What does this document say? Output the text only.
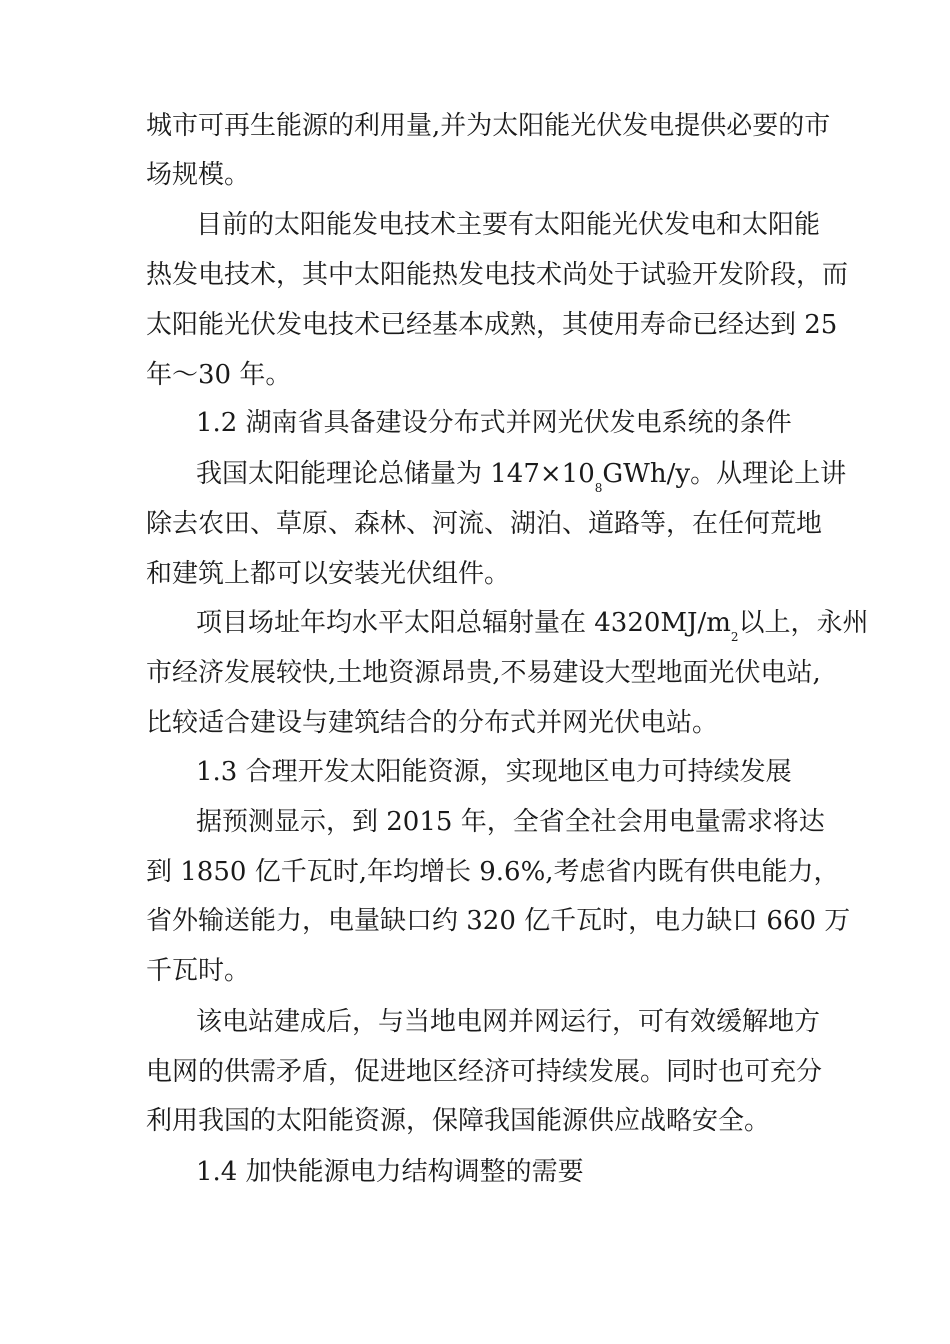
城市可再生能源的利用量,并为太阳能光伏发电提供必要的市
场规模。
目前的太阳能发电技术主要有太阳能光伏发电和太阳能
热发电技术，其中太阳能热发电技术尚处于试验开发阶段，而
太阳能光伏发电技术已经基本成熟，其使用寿命已经达到 25
年～30 年。
1.2 湖南省具备建设分布式并网光伏发电系统的条件
我国太阳能理论总储量为 $147\times 10^8GWh/y$。从理论上讲
除去农田、草原、森林、河流、湖泊、道路等，在任何荒地
和建筑上都可以安装光伏组件。
项目场址年均水平太阳总辐射量在 $4320MJ/m^2$以上，永州
市经济发展较快,土地资源昂贵,不易建设大型地面光伏电站,
比较适合建设与建筑结合的分布式并网光伏电站。
1.3 合理开发太阳能资源，实现地区电力可持续发展
据预测显示，到 2015 年，全省全社会用电量需求将达
到 1850 亿千瓦时,年均增长 9.6%,考虑省内既有供电能力，
省外输送能力，电量缺口约 320 亿千瓦时，电力缺口 660 万
千瓦时。
该电站建成后，与当地电网并网运行，可有效缓解地方
电网的供需矛盾，促进地区经济可持续发展。同时也可充分
利用我国的太阳能资源，保障我国能源供应战略安全。
1.4 加快能源电力结构调整的需要
